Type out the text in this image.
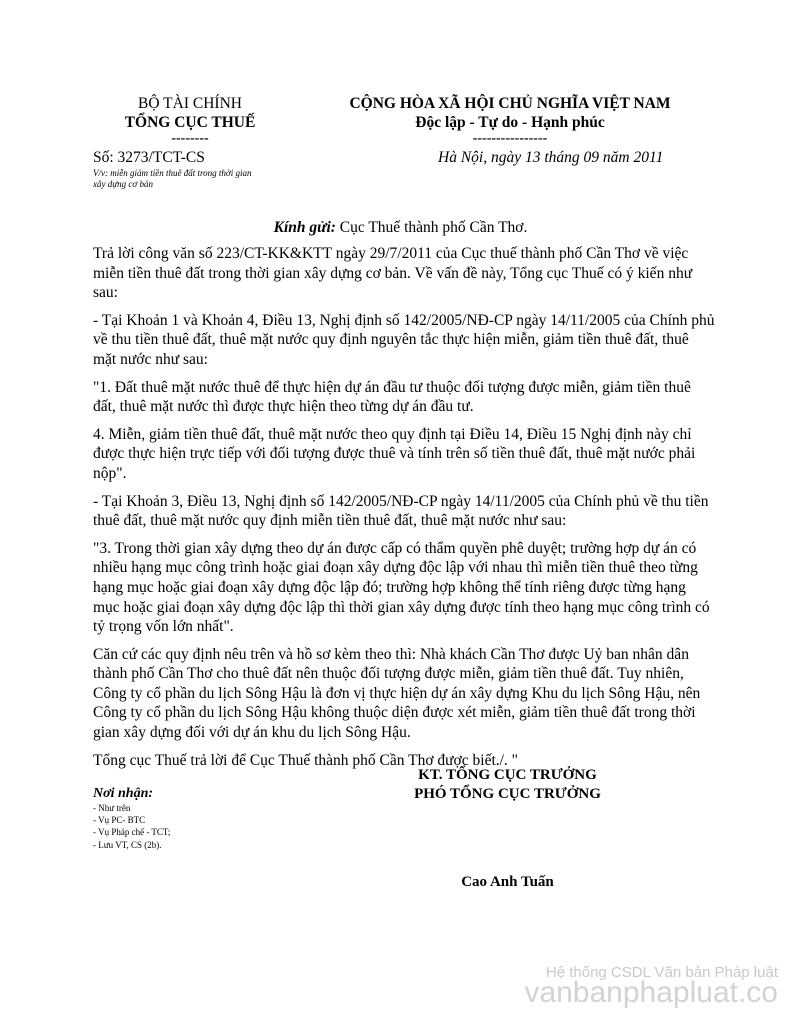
BỘ TÀI CHÍNH
TỔNG CỤC THUẾ
--------
CỘNG HÒA XÃ HỘI CHỦ NGHĨA VIỆT NAM
Độc lập - Tự do - Hạnh phúc
----------------
Số: 3273/TCT-CS
V/v: miễn giảm tiền thuê đất trong thời gian
xây dựng cơ bản
Hà Nội, ngày 13 tháng 09 năm 2011
Kính gửi: Cục Thuế thành phố Cần Thơ.

Trả lời công văn số 223/CT-KK&KTT ngày 29/7/2011 của Cục thuế thành phố Cần Thơ về việc miễn tiền thuê đất trong thời gian xây dựng cơ bản. Về vấn đề này, Tổng cục Thuế có ý kiến như sau:

- Tại Khoản 1 và Khoản 4, Điều 13, Nghị định số 142/2005/NĐ-CP ngày 14/11/2005 của Chính phủ về thu tiền thuê đất, thuê mặt nước quy định nguyên tắc thực hiện miễn, giảm tiền thuê đất, thuê mặt nước như sau:

"1. Đất thuê mặt nước thuê để thực hiện dự án đầu tư thuộc đối tượng được miễn, giảm tiền thuê đất, thuê mặt nước thì được thực hiện theo từng dự án đầu tư.

4. Miễn, giảm tiền thuê đất, thuê mặt nước theo quy định tại Điều 14, Điều 15 Nghị định này chỉ được thực hiện trực tiếp với đối tượng được thuê và tính trên số tiền thuê đất, thuê mặt nước phải nộp".

- Tại Khoản 3, Điều 13, Nghị định số 142/2005/NĐ-CP ngày 14/11/2005 của Chính phủ về thu tiền thuê đất, thuê mặt nước quy định miễn tiền thuê đất, thuê mặt nước như sau:

"3. Trong thời gian xây dựng theo dự án được cấp có thẩm quyền phê duyệt; trường hợp dự án có nhiều hạng mục công trình hoặc giai đoạn xây dựng độc lập với nhau thì miễn tiền thuê theo từng hạng mục hoặc giai đoạn xây dựng độc lập đó; trường hợp không thể tính riêng được từng hạng mục hoặc giai đoạn xây dựng độc lập thì thời gian xây dựng được tính theo hạng mục công trình có tỷ trọng vốn lớn nhất".

Căn cứ các quy định nêu trên và hồ sơ kèm theo thì: Nhà khách Cần Thơ được Uỷ ban nhân dân thành phố Cần Thơ cho thuê đất nên thuộc đối tượng được miễn, giảm tiền thuê đất. Tuy nhiên, Công ty cổ phần du lịch Sông Hậu là đơn vị thực hiện dự án xây dựng Khu du lịch Sông Hậu, nên Công ty cổ phần du lịch Sông Hậu không thuộc diện được xét miễn, giảm tiền thuê đất trong thời gian xây dựng đối với dự án khu du lịch Sông Hậu.

Tổng cục Thuế trả lời để Cục Thuế thành phố Cần Thơ được biết./. "

KT. TỔNG CỤC TRƯỞNG
PHÓ TỔNG CỤC TRƯỞNG
Nơi nhận:
- Như trên
- Vụ PC- BTC
- Vụ Pháp chế - TCT;
- Lưu VT, CS (2b).
Cao Anh Tuấn
Hệ thống CSDL Văn bản Pháp luật
vanbanphapluat.co
